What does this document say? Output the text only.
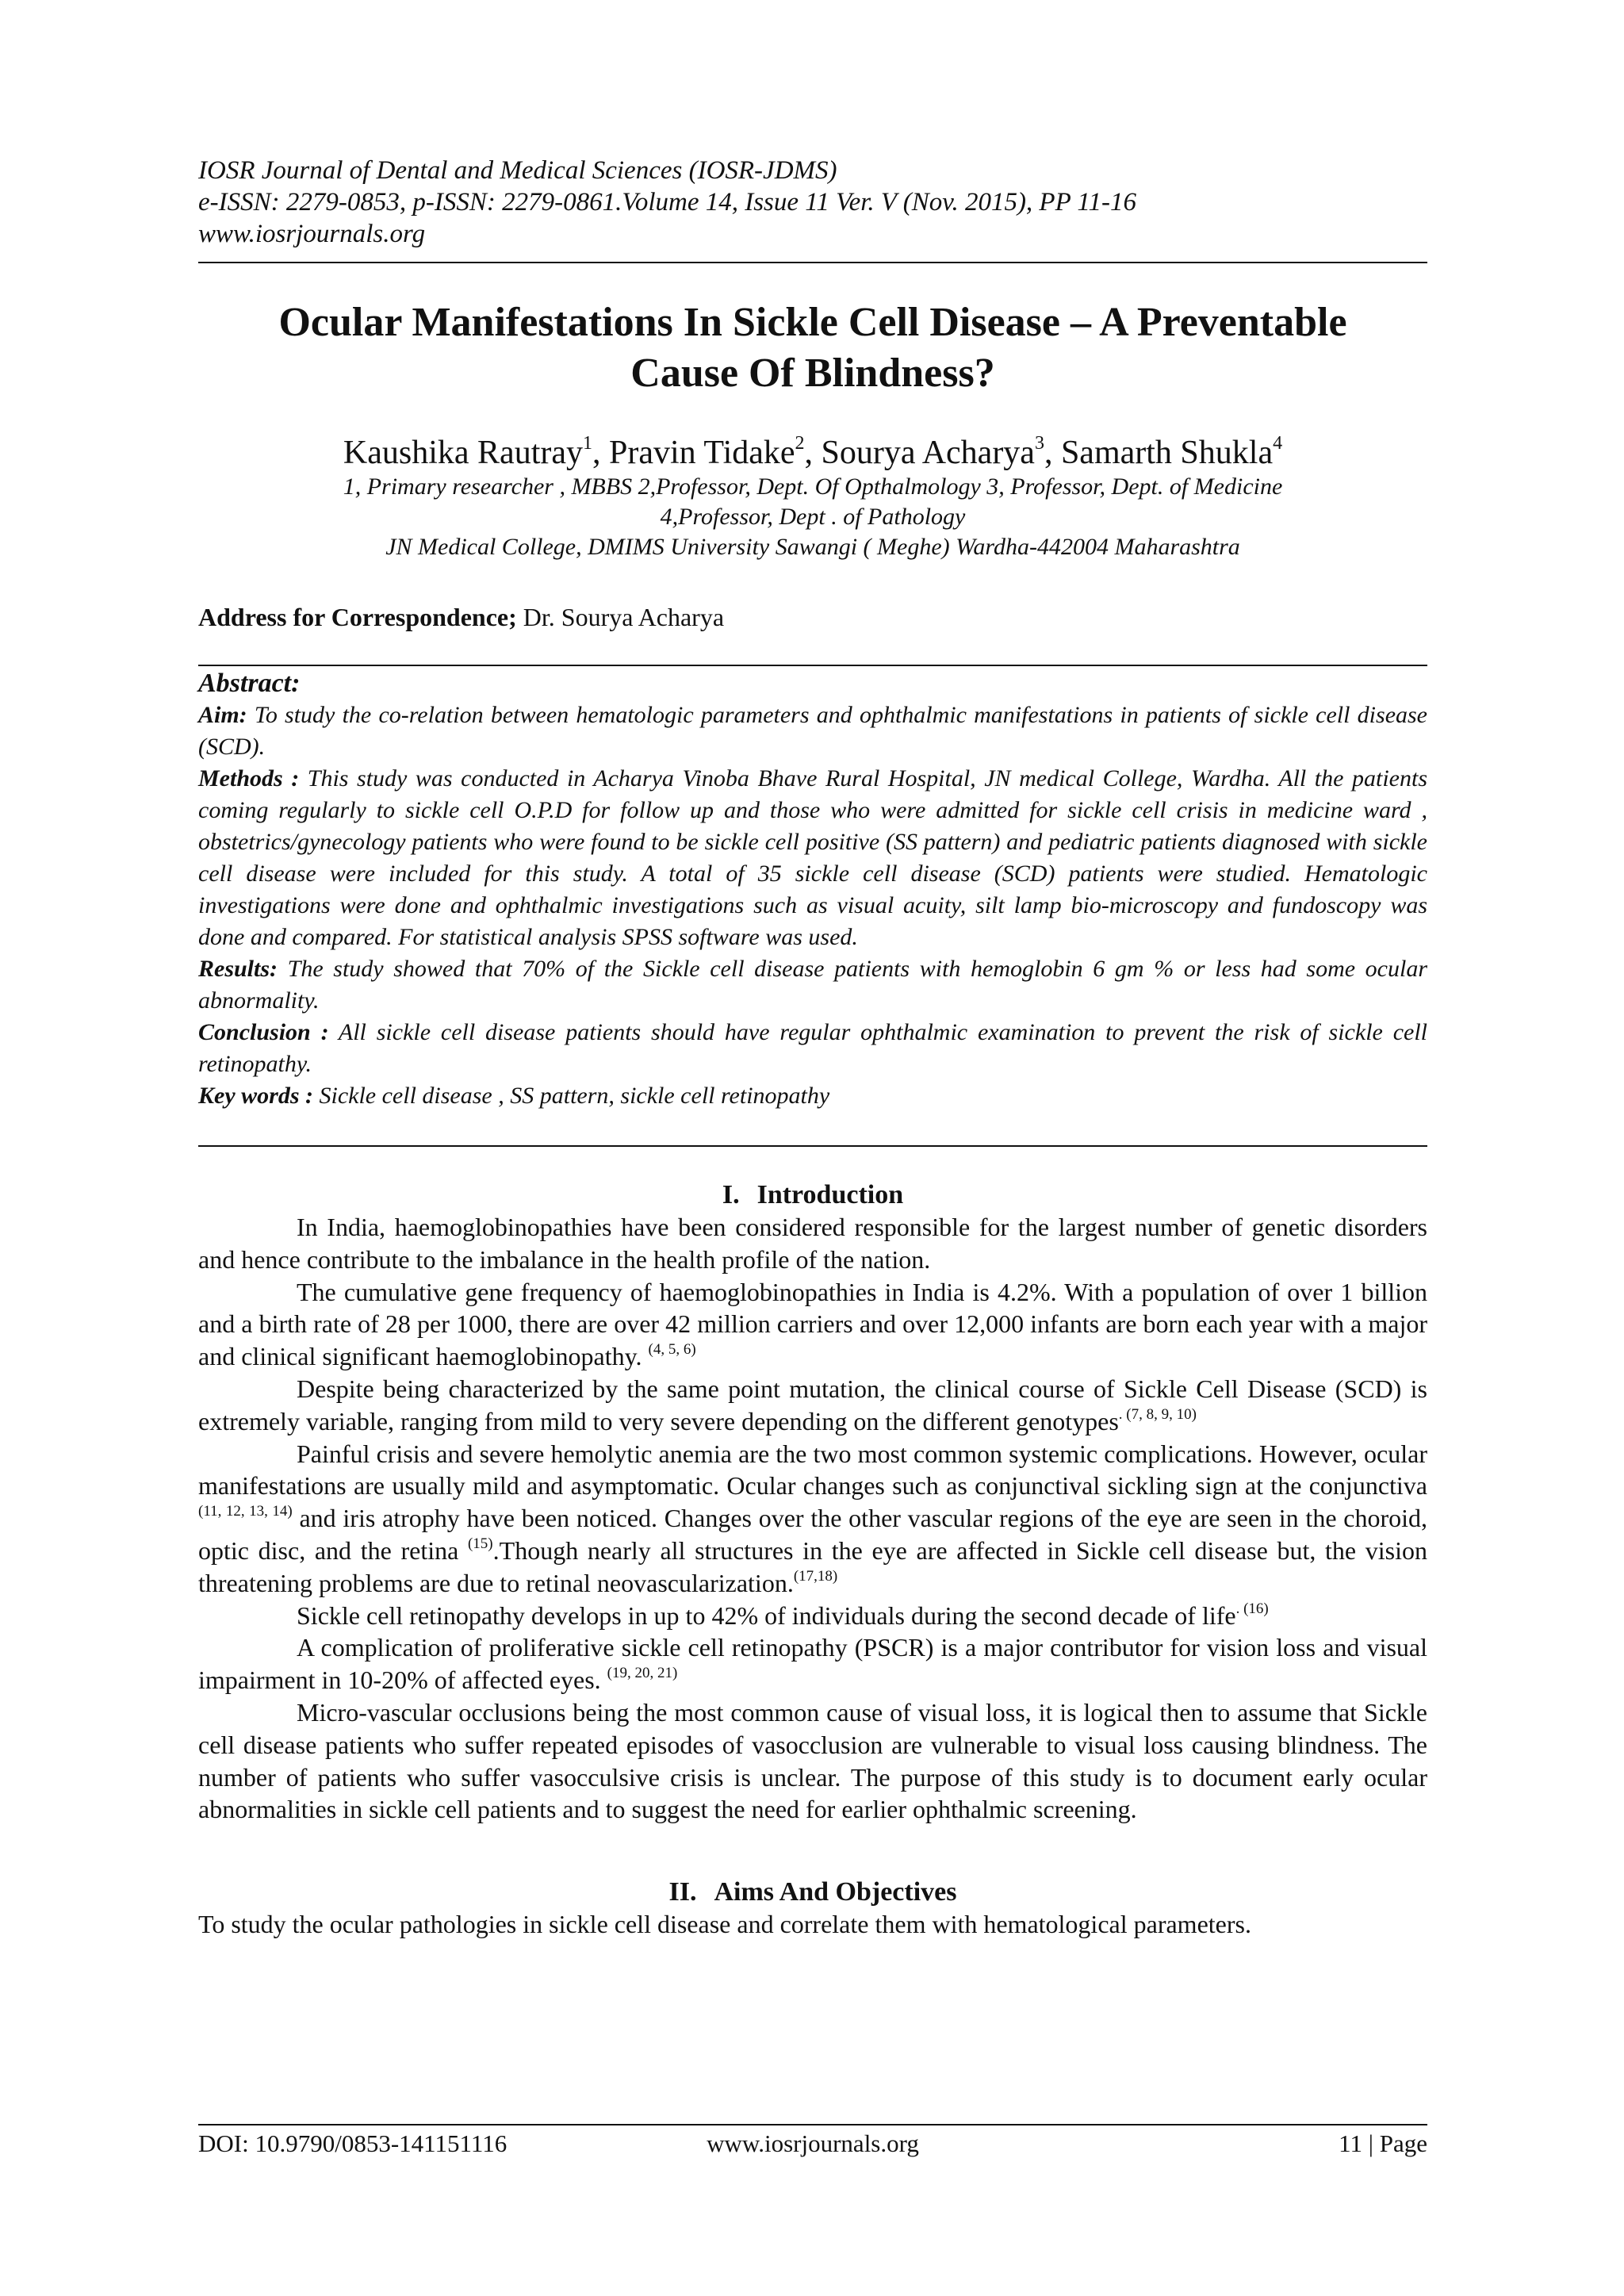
IOSR Journal of Dental and Medical Sciences (IOSR-JDMS)
e-ISSN: 2279-0853, p-ISSN: 2279-0861.Volume 14, Issue 11 Ver. V (Nov. 2015), PP 11-16
www.iosrjournals.org
Ocular Manifestations In Sickle Cell Disease – A Preventable
Cause Of Blindness?
Kaushika Rautray$^1$, Pravin Tidake$^2$, Sourya Acharya$^3$, Samarth Shukla$^4$
1, Primary researcher , MBBS 2,Professor, Dept. Of Opthalmology 3, Professor, Dept. of Medicine
4,Professor, Dept . of Pathology
JN Medical College, DMIMS University Sawangi ( Meghe) Wardha-442004 Maharashtra
Address for Correspondence; Dr. Sourya Acharya

Abstract:

Aim: To study the co-relation between hematologic parameters and ophthalmic manifestations in patients of sickle cell disease (SCD).

Methods : This study was conducted in Acharya Vinoba Bhave Rural Hospital, JN medical College, Wardha. All the patients coming regularly to sickle cell O.P.D for follow up and those who were admitted for sickle cell crisis in medicine ward , obstetrics/gynecology patients who were found to be sickle cell positive (SS pattern) and pediatric patients diagnosed with sickle cell disease were included for this study. A total of 35 sickle cell disease (SCD) patients were studied. Hematologic investigations were done and ophthalmic investigations such as visual acuity, silt lamp bio-microscopy and fundoscopy was done and compared. For statistical analysis SPSS software was used.

Results: The study showed that 70% of the Sickle cell disease patients with hemoglobin 6 gm % or less had some ocular abnormality.

Conclusion : All sickle cell disease patients should have regular ophthalmic examination to prevent the risk of sickle cell retinopathy.

Key words : Sickle cell disease , SS pattern, sickle cell retinopathy

I. Introduction

In India, haemoglobinopathies have been considered responsible for the largest number of genetic disorders and hence contribute to the imbalance in the health profile of the nation.

The cumulative gene frequency of haemoglobinopathies in India is 4.2%. With a population of over 1 billion and a birth rate of 28 per 1000, there are over 42 million carriers and over 12,000 infants are born each year with a major and clinical significant haemoglobinopathy. $^{(4, 5, 6)}$

Despite being characterized by the same point mutation, the clinical course of Sickle Cell Disease (SCD) is extremely variable, ranging from mild to very severe depending on the different genotypes$^{. (7, 8, 9, 10)}$

Painful crisis and severe hemolytic anemia are the two most common systemic complications. However, ocular manifestations are usually mild and asymptomatic. Ocular changes such as conjunctival sickling sign at the conjunctiva $^{(11, 12, 13, 14)}$ and iris atrophy have been noticed. Changes over the other vascular regions of the eye are seen in the choroid, optic disc, and the retina $^{(15)}$.Though nearly all structures in the eye are affected in Sickle cell disease but, the vision threatening problems are due to retinal neovascularization.$^{(17,18)}$

Sickle cell retinopathy develops in up to 42% of individuals during the second decade of life$^{. (16)}$

A complication of proliferative sickle cell retinopathy (PSCR) is a major contributor for vision loss and visual impairment in 10-20% of affected eyes. $^{(19, 20, 21)}$

Micro-vascular occlusions being the most common cause of visual loss, it is logical then to assume that Sickle cell disease patients who suffer repeated episodes of vasocclusion are vulnerable to visual loss causing blindness. The number of patients who suffer vasocculsive crisis is unclear. The purpose of this study is to document early ocular abnormalities in sickle cell patients and to suggest the need for earlier ophthalmic screening.

II. Aims And Objectives

To study the ocular pathologies in sickle cell disease and correlate them with hematological parameters.

DOI: 10.9790/0853-141151116	www.iosrjournals.org	11 | Page
